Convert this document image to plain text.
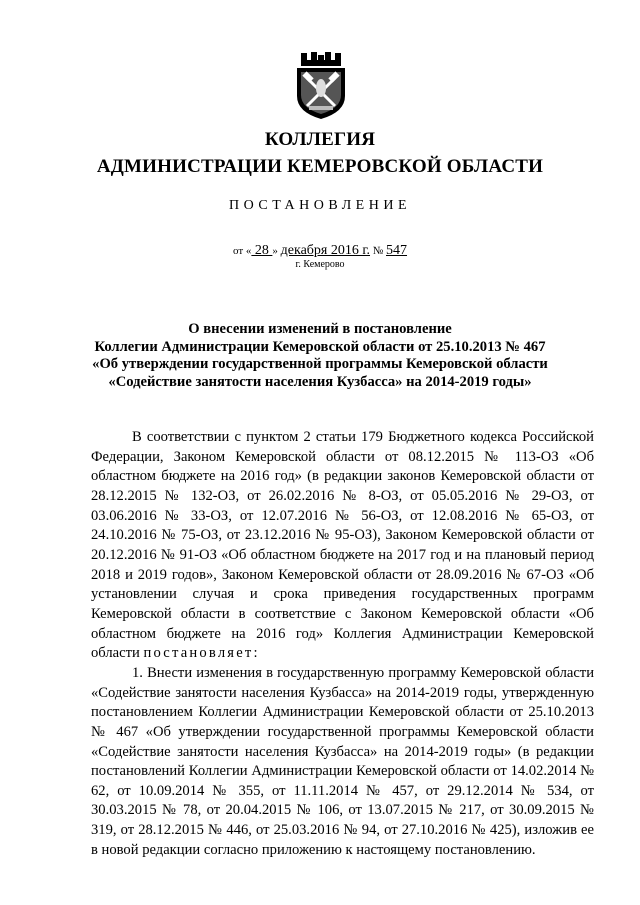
КОЛЛЕГИЯ
АДМИНИСТРАЦИИ КЕМЕРОВСКОЙ ОБЛАСТИ
ПОСТАНОВЛЕНИЕ
от « 28 » декабря 2016 г. № 547
г. Кемерово
О внесении изменений в постановление
Коллегии Администрации Кемеровской области от 25.10.2013 № 467
«Об утверждении государственной программы Кемеровской области
«Содействие занятости населения Кузбасса» на 2014-2019 годы»

В соответствии с пунктом 2 статьи 179 Бюджетного кодекса Российской Федерации, Законом Кемеровской области от 08.12.2015 № 113-ОЗ «Об областном бюджете на 2016 год» (в редакции законов Кемеровской области от 28.12.2015 № 132-ОЗ, от 26.02.2016 № 8-ОЗ, от 05.05.2016 № 29-ОЗ, от 03.06.2016 № 33-ОЗ, от 12.07.2016 № 56-ОЗ, от 12.08.2016 № 65-ОЗ, от 24.10.2016 № 75-ОЗ, от 23.12.2016 № 95-ОЗ), Законом Кемеровской области от 20.12.2016 № 91-ОЗ «Об областном бюджете на 2017 год и на плановый период 2018 и 2019 годов», Законом Кемеровской области от 28.09.2016 № 67-ОЗ «Об установлении случая и срока приведения государственных программ Кемеровской области в соответствие с Законом Кемеровской области «Об областном бюджете на 2016 год» Коллегия Администрации Кемеровской области постановляет:

1. Внести изменения в государственную программу Кемеровской области «Содействие занятости населения Кузбасса» на 2014-2019 годы, утвержденную постановлением Коллегии Администрации Кемеровской области от 25.10.2013 № 467 «Об утверждении государственной программы Кемеровской области «Содействие занятости населения Кузбасса» на 2014-2019 годы» (в редакции постановлений Коллегии Администрации Кемеровской области от 14.02.2014 № 62, от 10.09.2014 № 355, от 11.11.2014 № 457, от 29.12.2014 № 534, от 30.03.2015 № 78, от 20.04.2015 № 106, от 13.07.2015 № 217, от 30.09.2015 № 319, от 28.12.2015 № 446, от 25.03.2016 № 94, от 27.10.2016 № 425), изложив ее в новой редакции согласно приложению к настоящему постановлению.
